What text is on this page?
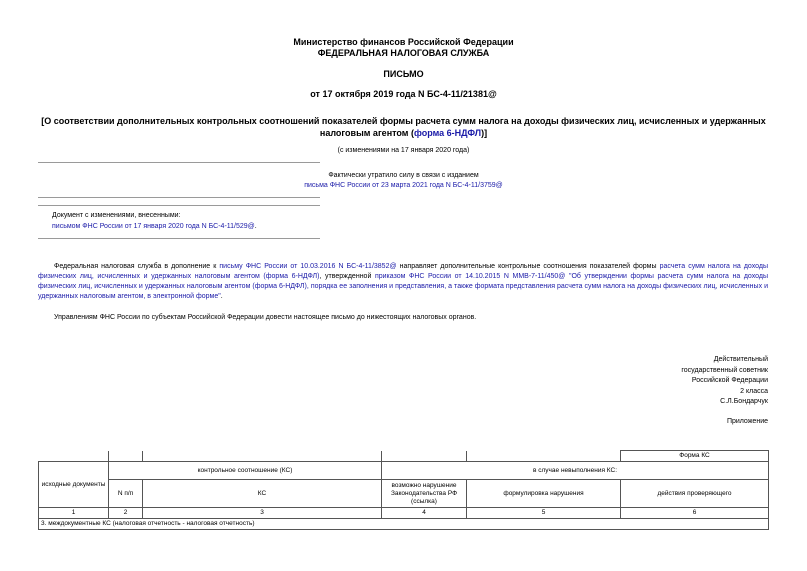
Министерство финансов Российской Федерации
ФЕДЕРАЛЬНАЯ НАЛОГОВАЯ СЛУЖБА
ПИСЬМО
от 17 октября 2019 года N БС-4-11/21381@
[О соответствии дополнительных контрольных соотношений показателей формы расчета сумм налога на доходы физических лиц, исчисленных и удержанных
налоговым агентом (форма 6-НДФЛ)]
(с изменениями на 17 января 2020 года)
Фактически утратило силу в связи с изданием
письма ФНС России от 23 марта 2021 года N БС-4-11/3759@
Документ с изменениями, внесенными:
письмом ФНС России от 17 января 2020 года N БС-4-11/529@.
Федеральная налоговая служба в дополнение к письму ФНС России от 10.03.2016 N БС-4-11/3852@ направляет дополнительные контрольные соотношения показателей формы расчета сумм налога на доходы физических лиц, исчисленных и удержанных налоговым агентом (форма 6-НДФЛ), утвержденной приказом ФНС России от 14.10.2015 N ММВ-7-11/450@ "Об утверждении формы расчета сумм налога на доходы физических лиц, исчисленных и удержанных налоговым агентом (форма 6-НДФЛ), порядка ее заполнения и представления, а также формата представления расчета сумм налога на доходы физических лиц, исчисленных и удержанных налоговым агентом, в электронной форме".
Управлениям ФНС России по субъектам Российской Федерации довести настоящее письмо до нижестоящих налоговых органов.
Действительный
государственный советник
Российской Федерации
2 класса
С.Л.Бондарчук
Приложение
					Форма КС
исходные документы	контрольное соотношение (КС)		в случае невыполнения КС:		
	N п/п	КС	возможно нарушение Законодательства РФ (ссылка)	формулировка нарушения	действия проверяющего
1	2	3	4	5	6
3. междокументные КС (налоговая отчетность - налоговая отчетность)					
